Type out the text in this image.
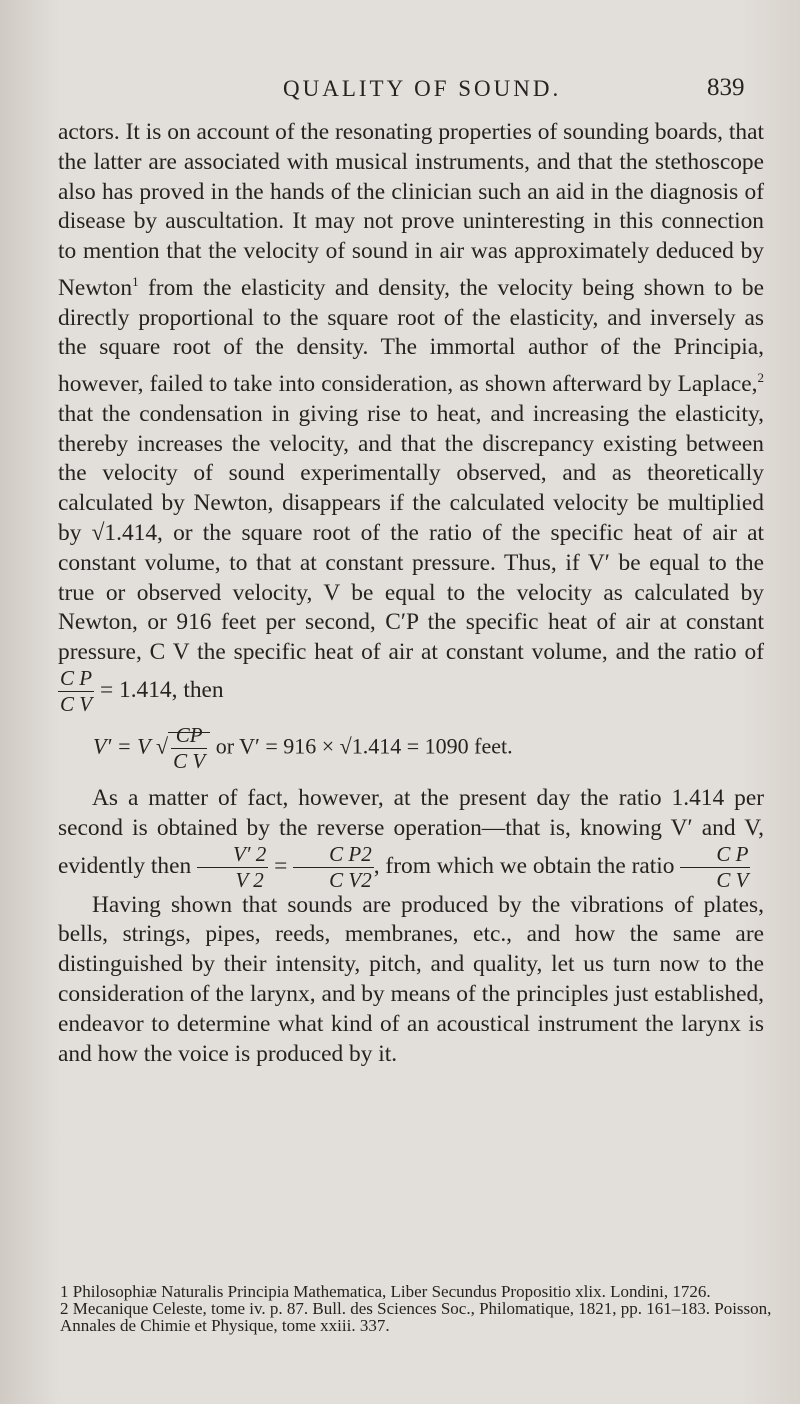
QUALITY OF SOUND.	839

actors. It is on account of the resonating properties of sounding boards, that the latter are associated with musical instruments, and that the stethoscope also has proved in the hands of the clinician such an aid in the diagnosis of disease by auscultation. It may not prove uninteresting in this connection to mention that the velocity of sound in air was approximately deduced by Newton$^1$ from the elasticity and density, the velocity being shown to be directly proportional to the square root of the elasticity, and inversely as the square root of the density. The immortal author of the Principia, however, failed to take into consideration, as shown afterward by Laplace,$^2$ that the condensation in giving rise to heat, and increasing the elasticity, thereby increases the velocity, and that the discrepancy existing between the velocity of sound experimentally observed, and as theoretically calculated by Newton, disappears if the calculated velocity be multiplied by √1.414, or the square root of the ratio of the specific heat of air at constant volume, to that at constant pressure. Thus, if V′ be equal to the true or observed velocity, V be equal to the velocity as calculated by Newton, or 916 feet per second, C′P the specific heat of air at constant pressure, C V the specific heat of air at constant volume, and the ratio of
$\frac{\text{C P}}{\text{C V}} = 1.414$, then

V′ = V √ $\frac{CP}{\text{C V}}$ or V′ = 916 × √1.414 = 1090 feet.

As a matter of fact, however, at the present day the ratio 1.414 per second is obtained by the reverse operation—that is, knowing V′ and V, evidently then $\frac{V' 2}{V 2} = \frac{\text{C P2}}{\text{C V2}}$ , from which we obtain the ratio $\frac{\text{C P}}{\text{C V}}$

Having shown that sounds are produced by the vibrations of plates, bells, strings, pipes, reeds, membranes, etc., and how the same are distinguished by their intensity, pitch, and quality, let us turn now to the consideration of the larynx, and by means of the principles just established, endeavor to determine what kind of an acoustical instrument the larynx is and how the voice is produced by it.

1 Philosophiæ Naturalis Principia Mathematica, Liber Secundus Propositio xlix. Londini, 1726.
2 Mecanique Celeste, tome iv. p. 87. Bull. des Sciences Soc., Philomatique, 1821, pp. 161–183. Poisson, Annales de Chimie et Physique, tome xxiii. 337.
